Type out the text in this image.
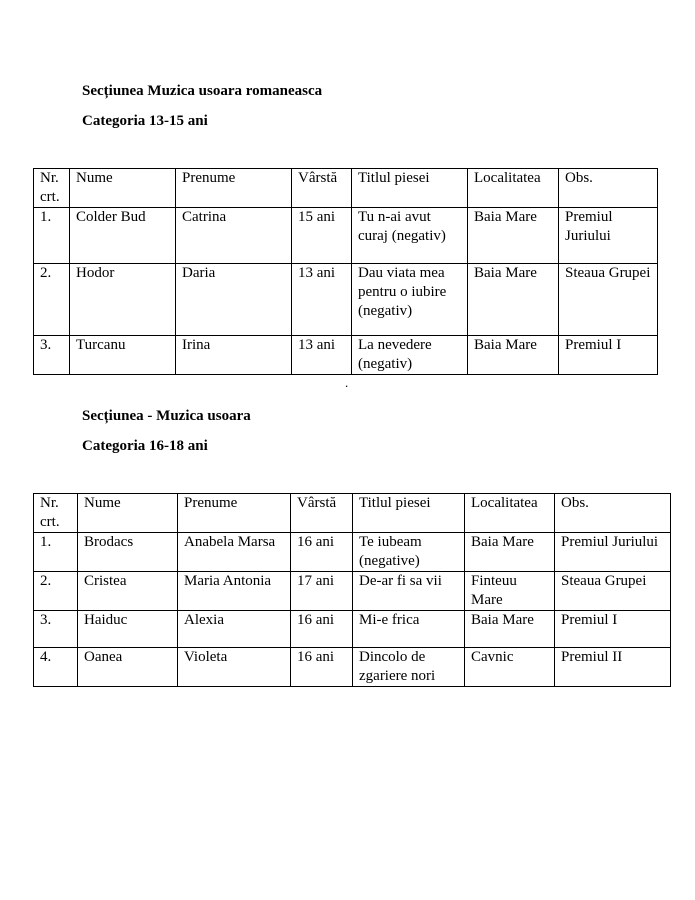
Secțiunea Muzica usoara romaneasca

Categoria 13-15 ani

Nr. crt.	Nume	Prenume	Vârstă	Titlul piesei	Localitatea	Obs.
1.	Colder Bud	Catrina	15 ani	Tu n-ai avut curaj (negativ)	Baia Mare	Premiul Juriului
2.	Hodor	Daria	13 ani	Dau viata mea pentru o iubire (negativ)	Baia Mare	Steaua Grupei
3.	Turcanu	Irina	13 ani	La nevedere (negativ)	Baia Mare	Premiul I
.

Secțiunea - Muzica usoara

Categoria 16-18 ani

Nr. crt.	Nume	Prenume	Vârstă	Titlul piesei	Localitatea	Obs.
1.	Brodacs	Anabela Marsa	16 ani	Te iubeam (negative)	Baia Mare	Premiul Juriului
2.	Cristea	Maria Antonia	17 ani	De-ar fi sa vii	Finteuu Mare	Steaua Grupei
3.	Haiduc	Alexia	16 ani	Mi-e frica	Baia Mare	Premiul I
4.	Oanea	Violeta	16 ani	Dincolo de zgariere nori	Cavnic	Premiul II
